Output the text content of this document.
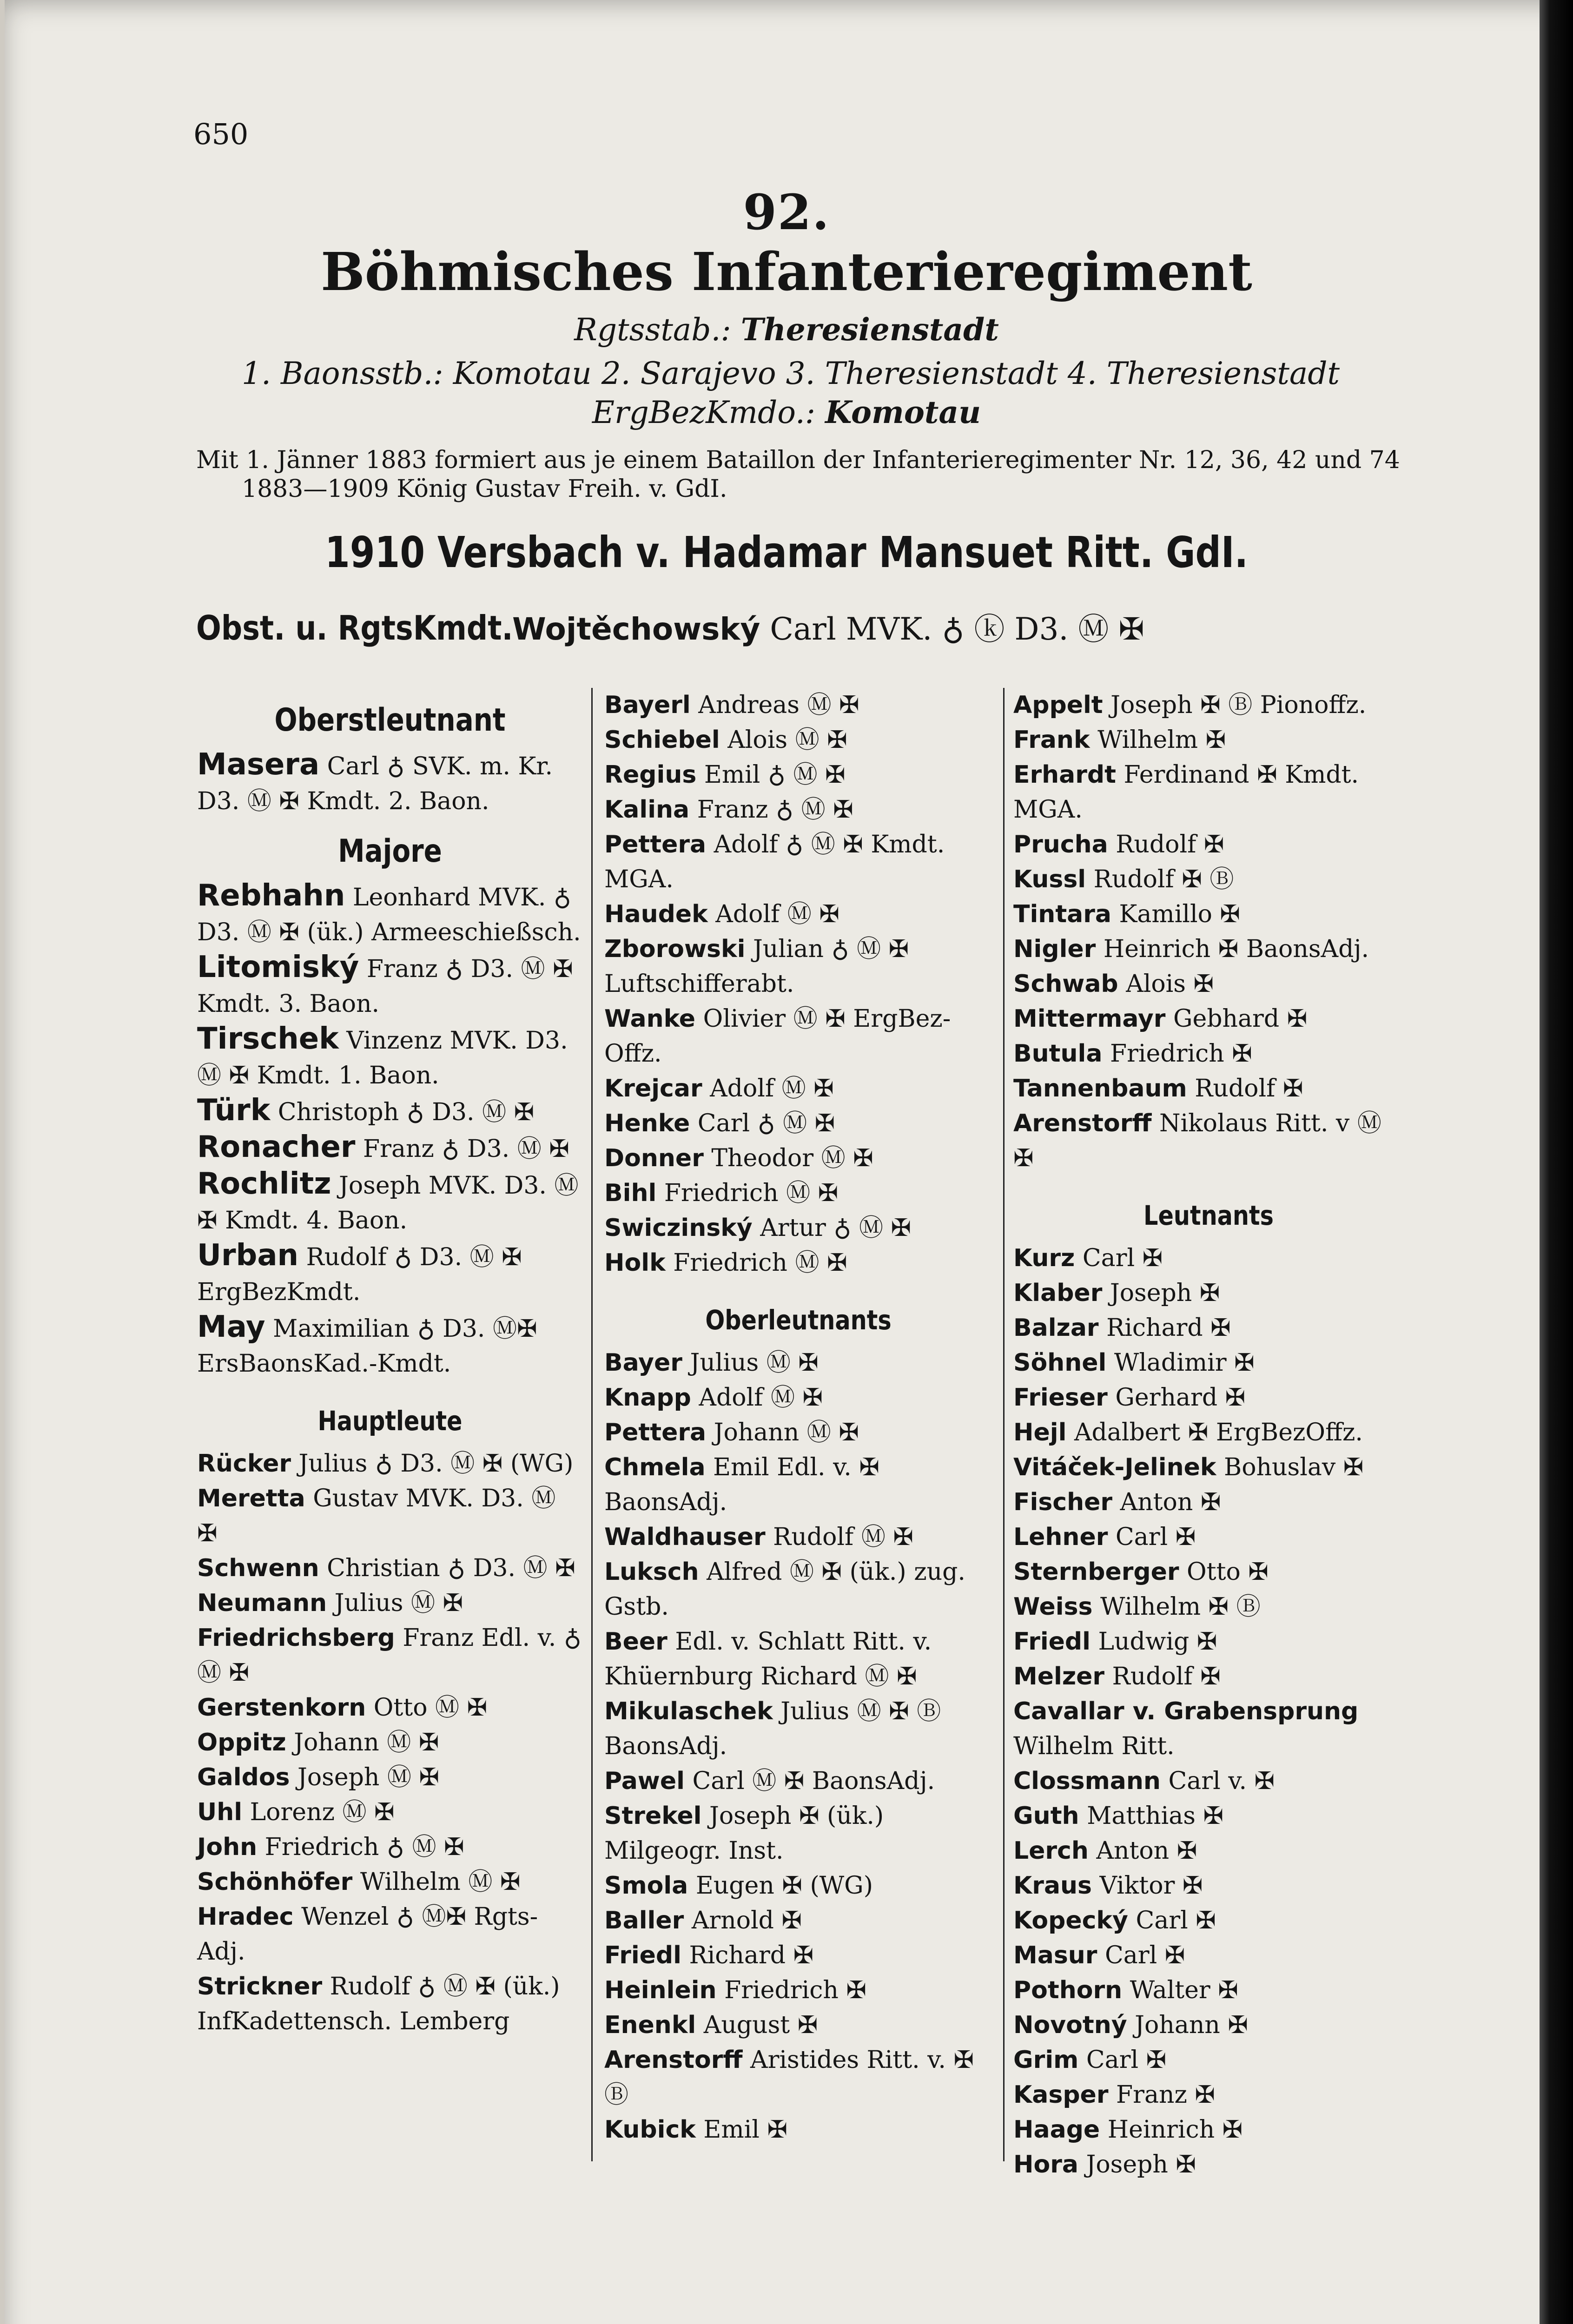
650
92.
Böhmisches Infanterieregiment
Rgtsstab.: Theresienstadt
1. Baonsstb.: Komotau 2. Sarajevo 3. Theresienstadt 4. Theresienstadt
ErgBezKmdo.: Komotau
Mit 1. Jänner 1883 formiert aus je einem Bataillon der Infanterieregimenter Nr. 12, 36, 42 und 74
1883—1909 König Gustav Freih. v. GdI.
1910 Versbach v. Hadamar Mansuet Ritt. GdI.
Obst. u. RgtsKmdt.Wojtěchowský Carl MVK. ♁ ⓚ D3. Ⓜ ✠
Oberstleutnant
Masera Carl ♁ SVK. m. Kr. D3. Ⓜ ✠ Kmdt. 2. Baon.
Majore
Rebhahn Leonhard MVK. ♁ D3. Ⓜ ✠ (ük.) Armeeschießsch.
Litomiský Franz ♁ D3. Ⓜ ✠ Kmdt. 3. Baon.
Tirschek Vinzenz MVK. D3. Ⓜ ✠ Kmdt. 1. Baon.
Türk Christoph ♁ D3. Ⓜ ✠
Ronacher Franz ♁ D3. Ⓜ ✠
Rochlitz Joseph MVK. D3. Ⓜ ✠ Kmdt. 4. Baon.
Urban Rudolf ♁ D3. Ⓜ ✠ ErgBezKmdt.
May Maximilian ♁ D3. Ⓜ✠ ErsBaonsKad.-Kmdt.
Hauptleute
Rücker Julius ♁ D3. Ⓜ ✠ (WG)
Meretta Gustav MVK. D3. Ⓜ ✠
Schwenn Christian ♁ D3. Ⓜ ✠
Neumann Julius Ⓜ ✠
Friedrichsberg Franz Edl. v. ♁ Ⓜ ✠
Gerstenkorn Otto Ⓜ ✠
Oppitz Johann Ⓜ ✠
Galdos Joseph Ⓜ ✠
Uhl Lorenz Ⓜ ✠
John Friedrich ♁ Ⓜ ✠
Schönhöfer Wilhelm Ⓜ ✠
Hradec Wenzel ♁ Ⓜ✠ Rgts-Adj.
Strickner Rudolf ♁ Ⓜ ✠ (ük.) InfKadettensch. Lemberg
Bayerl Andreas Ⓜ ✠
Schiebel Alois Ⓜ ✠
Regius Emil ♁ Ⓜ ✠
Kalina Franz ♁ Ⓜ ✠
Pettera Adolf ♁ Ⓜ ✠ Kmdt. MGA.
Haudek Adolf Ⓜ ✠
Zborowski Julian ♁ Ⓜ ✠ Luftschifferabt.
Wanke Olivier Ⓜ ✠ ErgBez-Offz.
Krejcar Adolf Ⓜ ✠
Henke Carl ♁ Ⓜ ✠
Donner Theodor Ⓜ ✠
Bihl Friedrich Ⓜ ✠
Swiczinský Artur ♁ Ⓜ ✠
Holk Friedrich Ⓜ ✠
Oberleutnants
Bayer Julius Ⓜ ✠
Knapp Adolf Ⓜ ✠
Pettera Johann Ⓜ ✠
Chmela Emil Edl. v. ✠ BaonsAdj.
Waldhauser Rudolf Ⓜ ✠
Luksch Alfred Ⓜ ✠ (ük.) zug. Gstb.
Beer Edl. v. Schlatt Ritt. v. Khüernburg Richard Ⓜ ✠
Mikulaschek Julius Ⓜ ✠ Ⓑ BaonsAdj.
Pawel Carl Ⓜ ✠ BaonsAdj.
Strekel Joseph ✠ (ük.) Milgeogr. Inst.
Smola Eugen ✠ (WG)
Baller Arnold ✠
Friedl Richard ✠
Heinlein Friedrich ✠
Enenkl August ✠
Arenstorff Aristides Ritt. v. ✠ Ⓑ
Kubick Emil ✠
Appelt Joseph ✠ Ⓑ Pionoffz.
Frank Wilhelm ✠
Erhardt Ferdinand ✠ Kmdt. MGA.
Prucha Rudolf ✠
Kussl Rudolf ✠ Ⓑ
Tintara Kamillo ✠
Nigler Heinrich ✠ BaonsAdj.
Schwab Alois ✠
Mittermayr Gebhard ✠
Butula Friedrich ✠
Tannenbaum Rudolf ✠
Arenstorff Nikolaus Ritt. v Ⓜ ✠
Leutnants
Kurz Carl ✠
Klaber Joseph ✠
Balzar Richard ✠
Söhnel Wladimir ✠
Frieser Gerhard ✠
Hejl Adalbert ✠ ErgBezOffz.
Vitáček-Jelinek Bohuslav ✠
Fischer Anton ✠
Lehner Carl ✠
Sternberger Otto ✠
Weiss Wilhelm ✠ Ⓑ
Friedl Ludwig ✠
Melzer Rudolf ✠
Cavallar v. Grabensprung Wilhelm Ritt.
Clossmann Carl v. ✠
Guth Matthias ✠
Lerch Anton ✠
Kraus Viktor ✠
Kopecký Carl ✠
Masur Carl ✠
Pothorn Walter ✠
Novotný Johann ✠
Grim Carl ✠
Kasper Franz ✠
Haage Heinrich ✠
Hora Joseph ✠
